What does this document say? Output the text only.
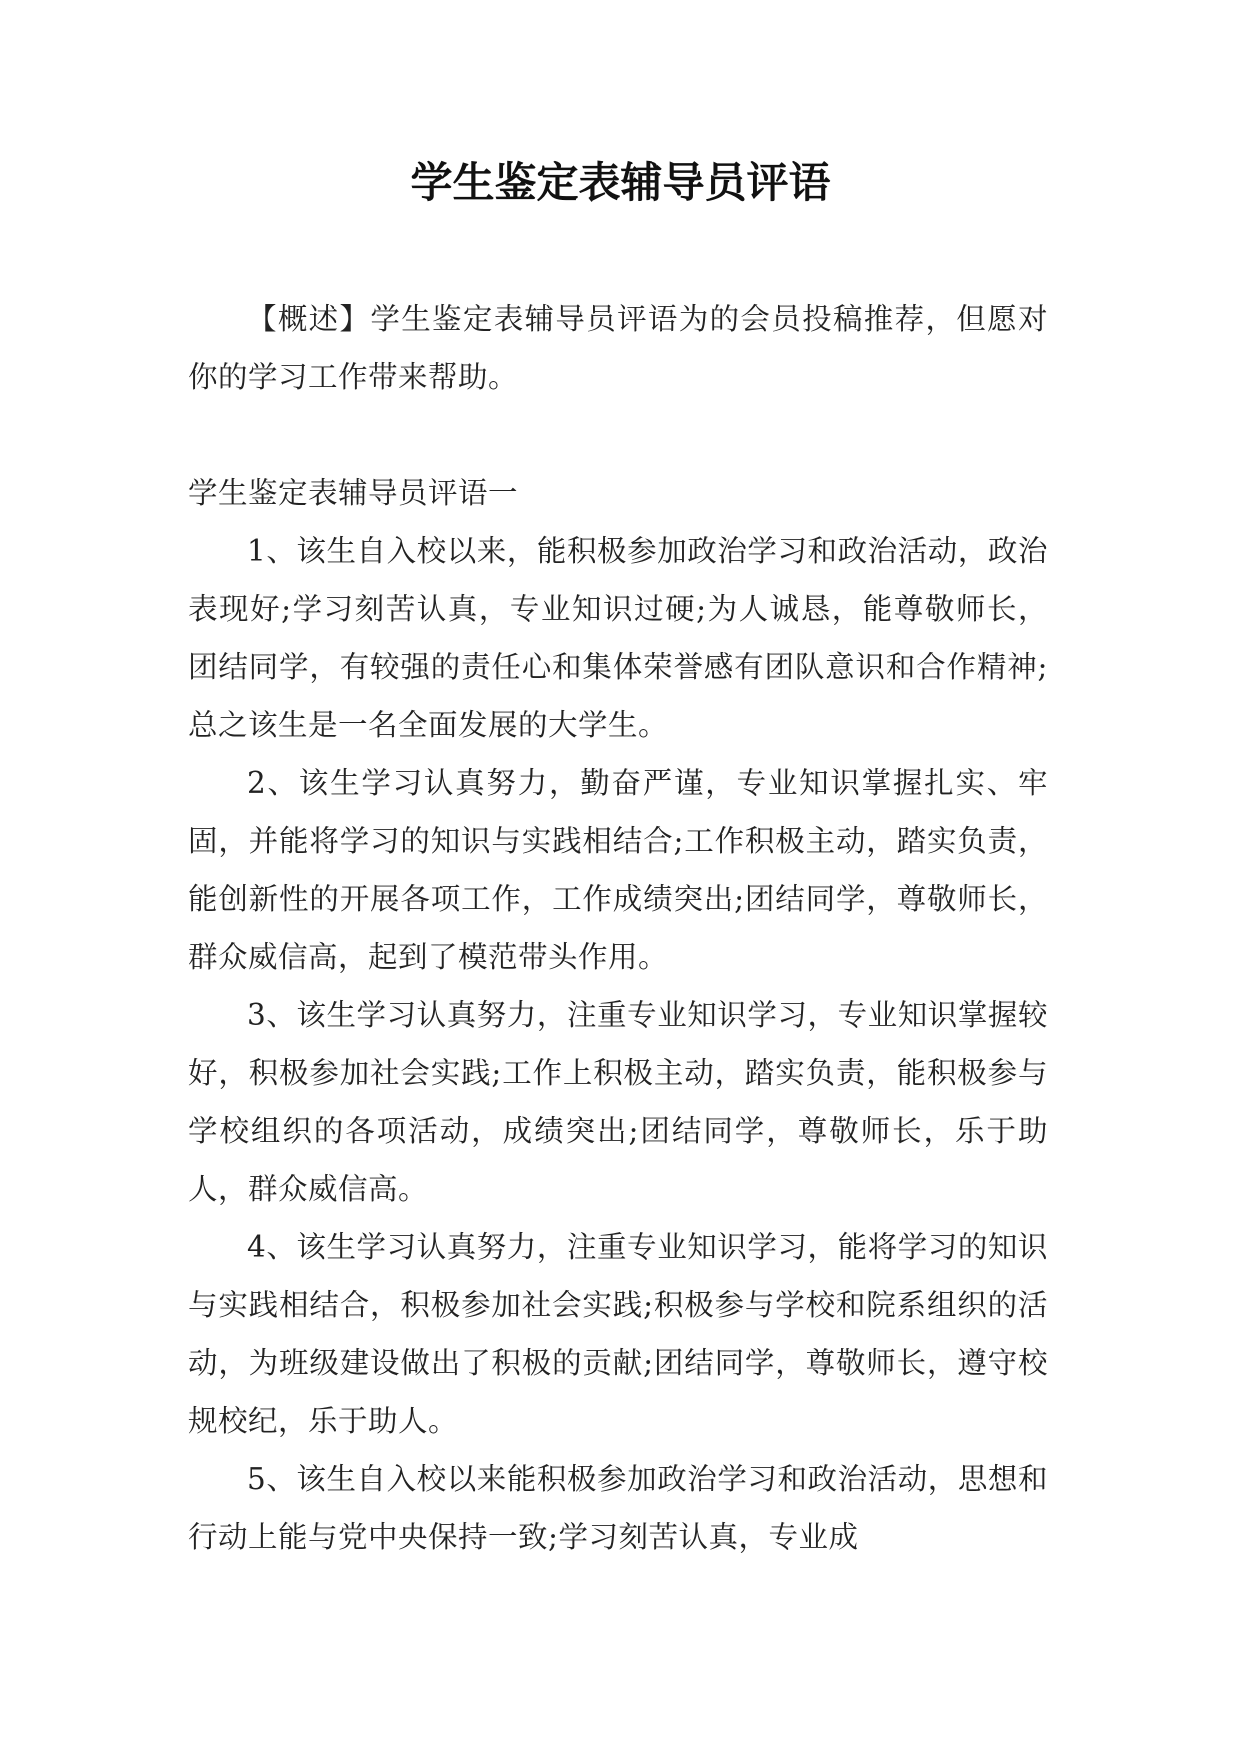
学生鉴定表辅导员评语

【概述】学生鉴定表辅导员评语为的会员投稿推荐，但愿对你的学习工作带来帮助。

学生鉴定表辅导员评语一

1、该生自入校以来，能积极参加政治学习和政治活动，政治表现好;学习刻苦认真，专业知识过硬;为人诚恳，能尊敬师长，团结同学，有较强的责任心和集体荣誉感有团队意识和合作精神;总之该生是一名全面发展的大学生。

2、该生学习认真努力，勤奋严谨，专业知识掌握扎实、牢固，并能将学习的知识与实践相结合;工作积极主动，踏实负责，能创新性的开展各项工作，工作成绩突出;团结同学，尊敬师长，群众威信高，起到了模范带头作用。

3、该生学习认真努力，注重专业知识学习，专业知识掌握较好，积极参加社会实践;工作上积极主动，踏实负责，能积极参与学校组织的各项活动，成绩突出;团结同学，尊敬师长，乐于助人，群众威信高。

4、该生学习认真努力，注重专业知识学习，能将学习的知识与实践相结合，积极参加社会实践;积极参与学校和院系组织的活动，为班级建设做出了积极的贡献;团结同学，尊敬师长，遵守校规校纪，乐于助人。

5、该生自入校以来能积极参加政治学习和政治活动，思想和行动上能与党中央保持一致;学习刻苦认真，专业成
